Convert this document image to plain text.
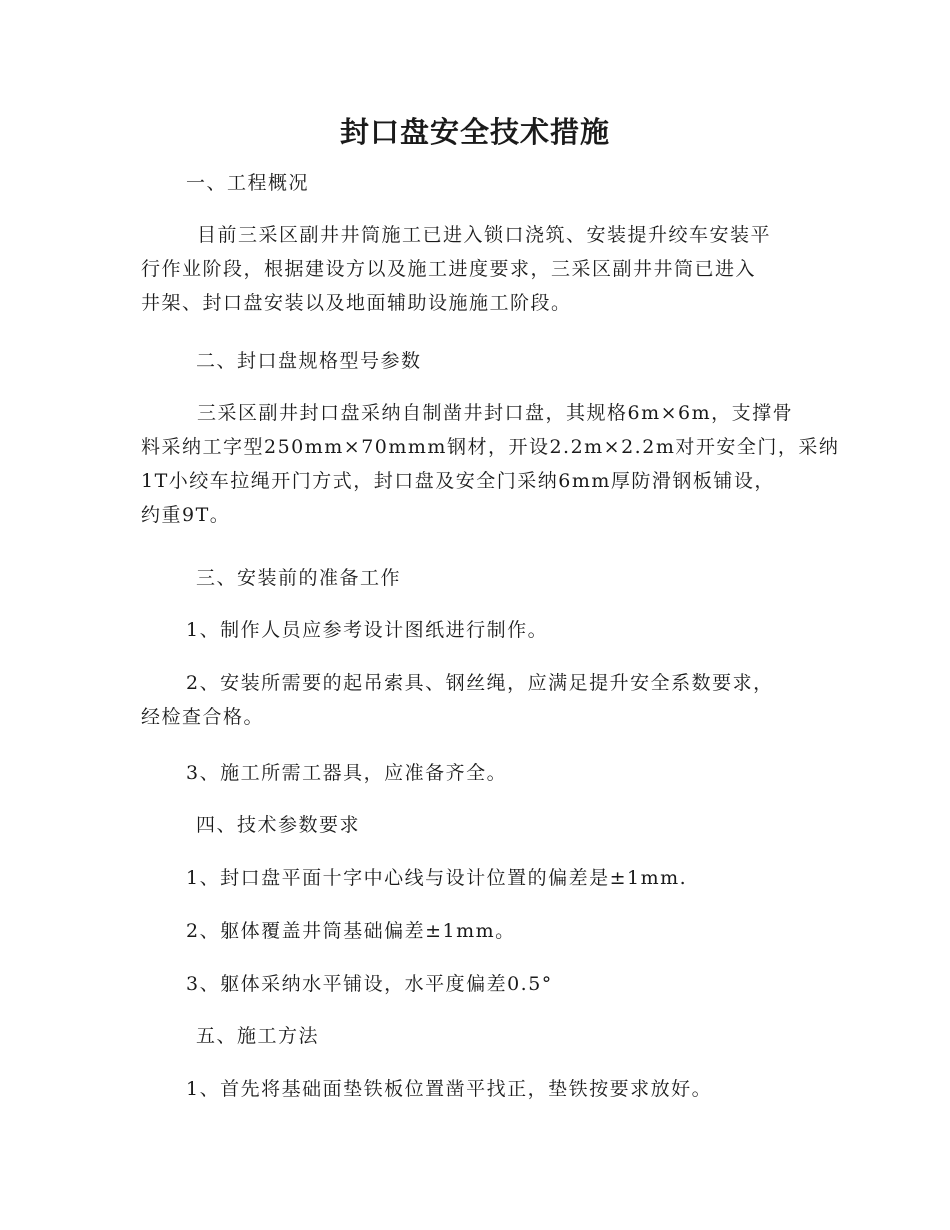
封口盘安全技术措施

一、工程概况

目前三采区副井井筒施工已进入锁口浇筑、安装提升绞车安装平
行作业阶段，根据建设方以及施工进度要求，三采区副井井筒已进入
井架、封口盘安装以及地面辅助设施施工阶段。

二、封口盘规格型号参数

三采区副井封口盘采纳自制凿井封口盘，其规格6m×6m，支撑骨
料采纳工字型250mm×70mmm钢材，开设2.2m×2.2m对开安全门，采纳
1T小绞车拉绳开门方式，封口盘及安全门采纳6mm厚防滑钢板铺设，
约重9T。

三、安装前的准备工作

1、制作人员应参考设计图纸进行制作。

2、安装所需要的起吊索具、钢丝绳，应满足提升安全系数要求，
经检查合格。

3、施工所需工器具，应准备齐全。

四、技术参数要求

1、封口盘平面十字中心线与设计位置的偏差是±1mm.

2、躯体覆盖井筒基础偏差±1mm。

3、躯体采纳水平铺设，水平度偏差0.5°

五、施工方法

1、首先将基础面垫铁板位置凿平找正，垫铁按要求放好。
